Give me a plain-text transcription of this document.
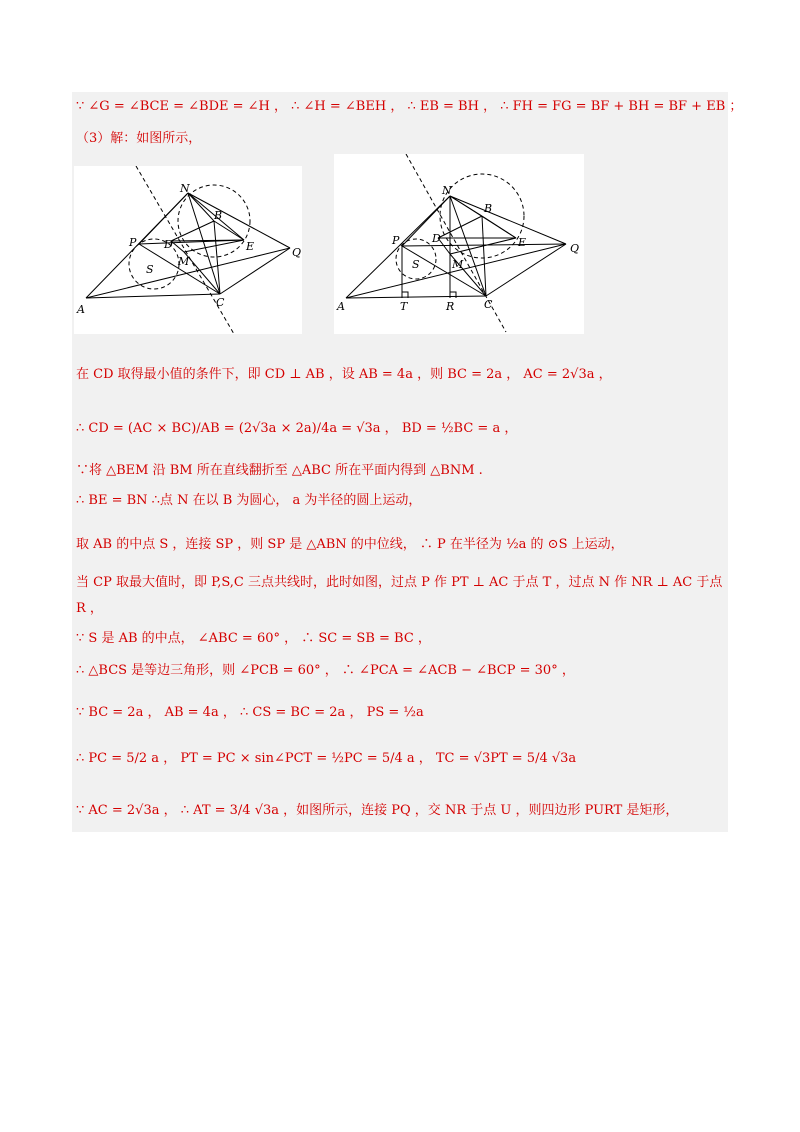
N
B
P	D	E	Q
S
M
A
C
N
B
P	D	E	Q
S	M
A	T	R	C
∵ ∠G = ∠BCE = ∠BDE = ∠H ， ∴ ∠H = ∠BEH ， ∴ EB = BH ， ∴ FH = FG = BF + BH = BF + EB ；
（3）解：如图所示，
在 CD 取得最小值的条件下，即 CD ⊥ AB ，设 AB = 4a ，则 BC = 2a ， AC = 2√3a ，
∴ CD = (AC × BC)/AB = (2√3a × 2a)/4a = √3a ， BD = ½BC = a ，
∵将 △BEM 沿 BM 所在直线翻折至 △ABC 所在平面内得到 △BNM .
∴ BE = BN ∴点 N 在以 B 为圆心， a 为半径的圆上运动，
取 AB 的中点 S ，连接 SP ，则 SP 是 △ABN 的中位线， ∴ P 在半径为 ½a 的 ⊙S 上运动，
当 CP 取最大值时，即 P,S,C 三点共线时，此时如图，过点 P 作 PT ⊥ AC 于点 T ，过点 N 作 NR ⊥ AC 于点
R ，
∵ S 是 AB 的中点， ∠ABC = 60° ， ∴ SC = SB = BC ，
∴ △BCS 是等边三角形，则 ∠PCB = 60° ， ∴ ∠PCA = ∠ACB − ∠BCP = 30° ，
∵ BC = 2a ， AB = 4a ， ∴ CS = BC = 2a ， PS = ½a
∴ PC = 5/2 a ， PT = PC × sin∠PCT = ½PC = 5/4 a ， TC = √3PT = 5/4 √3a
∵ AC = 2√3a ， ∴ AT = 3/4 √3a ，如图所示，连接 PQ ，交 NR 于点 U ，则四边形 PURT 是矩形，
